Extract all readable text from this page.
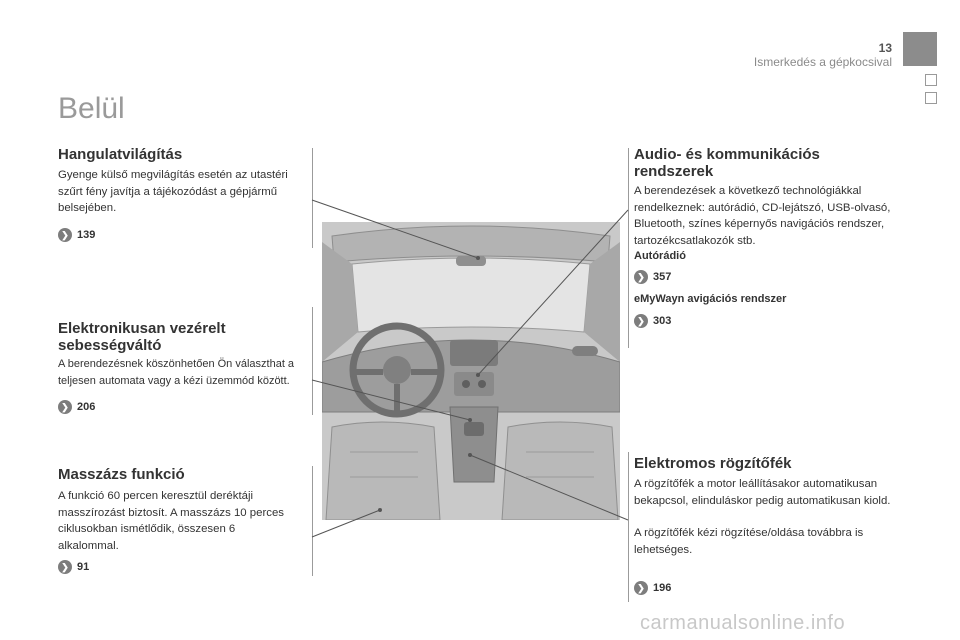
13
Ismerkedés a gépkocsival
Belül
Hangulatvilágítás
Gyenge külső megvilágítás esetén az utastéri szűrt fény javítja a tájékozódást a gépjármű belsejében.
❯ 139
Elektronikusan vezérelt sebességváltó
A berendezésnek köszönhetően Ön választhat a teljesen automata vagy a kézi üzemmód között.
❯ 206
Masszázs funkció
A funkció 60 percen keresztül deréktáji masszírozást biztosít. A masszázs 10 perces ciklusokban ismétlődik, összesen 6 alkalommal.
❯ 91
Audio- és kommunikációs rendszerek
A berendezések a következő technológiákkal rendelkeznek: autórádió, CD-lejátszó, USB-olvasó, Bluetooth, színes képernyős navigációs rendszer, tartozékcsatlakozók stb.
Autórádió
❯ 357
eMyWayn avigációs rendszer
❯ 303
Elektromos rögzítőfék
A rögzítőfék a motor leállításakor automatikusan bekapcsol, elinduláskor pedig automatikusan kiold.
A rögzítőfék kézi rögzítése/oldása továbbra is lehetséges.
❯ 196
carmanualsonline.info
